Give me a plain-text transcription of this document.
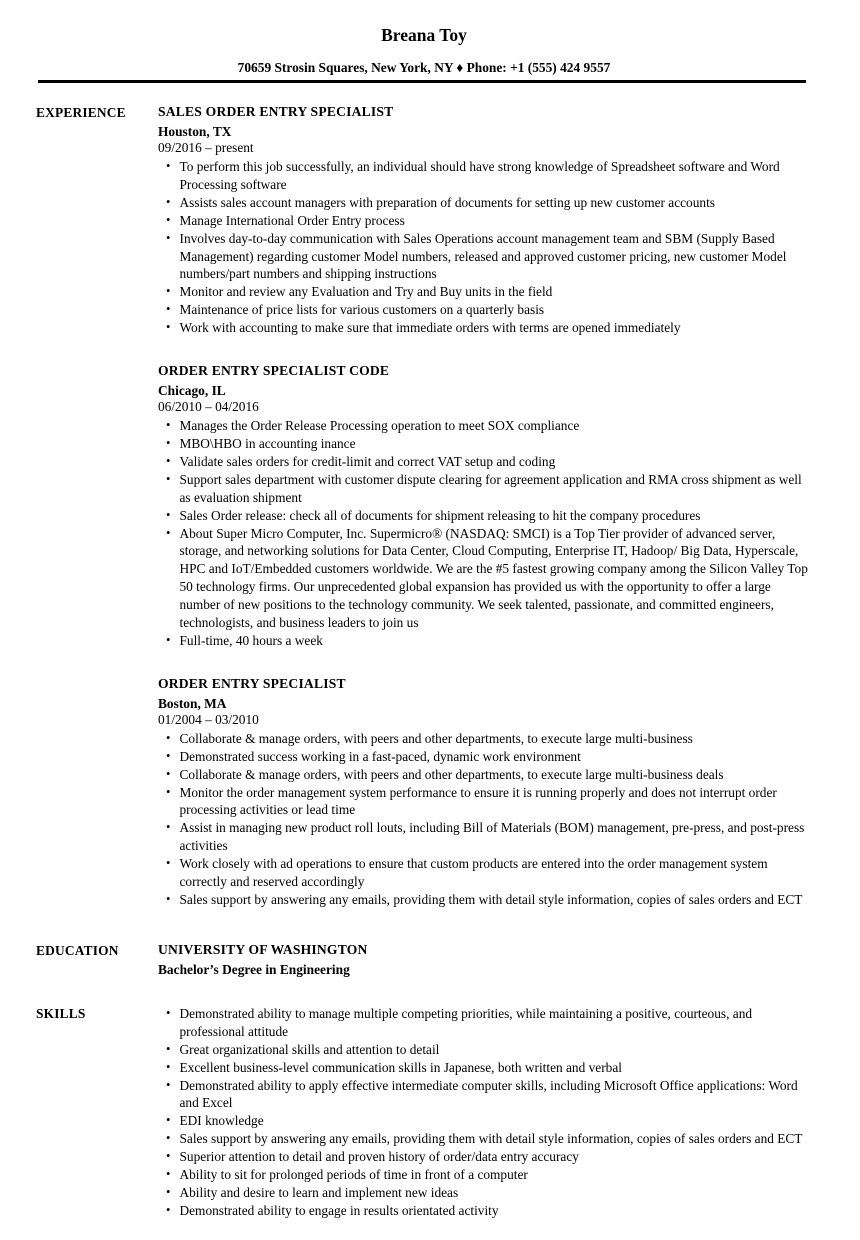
Breana Toy
70659 Strosin Squares, New York, NY ♦ Phone: +1 (555) 424 9557
EXPERIENCE	SALES ORDER ENTRY SPECIALIST
Houston, TX
09/2016 – present
• To perform this job successfully, an individual should have strong knowledge of Spreadsheet software and Word Processing software
• Assists sales account managers with preparation of documents for setting up new customer accounts
• Manage International Order Entry process
• Involves day-to-day communication with Sales Operations account management team and SBM (Supply Based Management) regarding customer Model numbers, released and approved customer pricing, new customer Model numbers/part numbers and shipping instructions
• Monitor and review any Evaluation and Try and Buy units in the field
• Maintenance of price lists for various customers on a quarterly basis
• Work with accounting to make sure that immediate orders with terms are opened immediately
ORDER ENTRY SPECIALIST CODE
Chicago, IL
06/2010 – 04/2016
• Manages the Order Release Processing operation to meet SOX compliance
• MBO\HBO in accounting inance
• Validate sales orders for credit-limit and correct VAT setup and coding
• Support sales department with customer dispute clearing for agreement application and RMA cross shipment as well as evaluation shipment
• Sales Order release: check all of documents for shipment releasing to hit the company procedures
• About Super Micro Computer, Inc. Supermicro® (NASDAQ: SMCI) is a Top Tier provider of advanced server, storage, and networking solutions for Data Center, Cloud Computing, Enterprise IT, Hadoop/ Big Data, Hyperscale, HPC and IoT/Embedded customers worldwide. We are the #5 fastest growing company among the Silicon Valley Top 50 technology firms. Our unprecedented global expansion has provided us with the opportunity to offer a large number of new positions to the technology community. We seek talented, passionate, and committed engineers, technologists, and business leaders to join us
• Full-time, 40 hours a week
ORDER ENTRY SPECIALIST
Boston, MA
01/2004 – 03/2010
• Collaborate & manage orders, with peers and other departments, to execute large multi-business
• Demonstrated success working in a fast-paced, dynamic work environment
• Collaborate & manage orders, with peers and other departments, to execute large multi-business deals
• Monitor the order management system performance to ensure it is running properly and does not interrupt order processing activities or lead time
• Assist in managing new product roll louts, including Bill of Materials (BOM) management, pre-press, and post-press activities
• Work closely with ad operations to ensure that custom products are entered into the order management system correctly and reserved accordingly
• Sales support by answering any emails, providing them with detail style information, copies of sales orders and ECT
EDUCATION	UNIVERSITY OF WASHINGTON
Bachelor’s Degree in Engineering
SKILLS	• Demonstrated ability to manage multiple competing priorities, while maintaining a positive, courteous, and professional attitude
• Great organizational skills and attention to detail
• Excellent business-level communication skills in Japanese, both written and verbal
• Demonstrated ability to apply effective intermediate computer skills, including Microsoft Office applications: Word and Excel
• EDI knowledge
• Sales support by answering any emails, providing them with detail style information, copies of sales orders and ECT
• Superior attention to detail and proven history of order/data entry accuracy
• Ability to sit for prolonged periods of time in front of a computer
• Ability and desire to learn and implement new ideas
• Demonstrated ability to engage in results orientated activity
